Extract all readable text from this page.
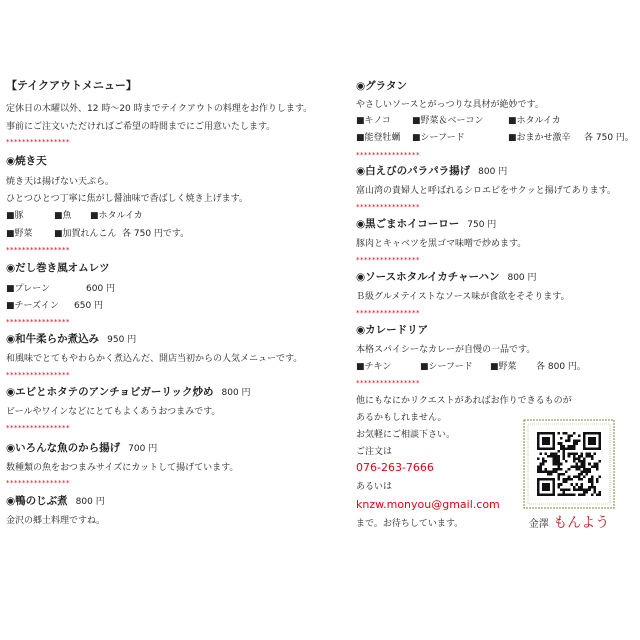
【テイクアウトメニュー】
定休日の木曜以外、12 時～20 時までテイクアウトの料理をお作りします。
事前にご注文いただければご希望の時間までにご用意いたします。
****************
◉焼き天
焼き天は揚げない天ぷら。
ひとつひとつ丁寧に焦がし醤油味で香ばしく焼き上げます。
■豚	■魚 ■ホタルイカ
■野菜 ■加賀れんこん 各 750 円です。
****************
◉だし巻き風オムレツ
■プレーン	600 円
■チーズイン 650 円
****************
◉和牛柔らか煮込み 950 円
和風味でとてもやわらかく煮込んだ、開店当初からの人気メニューです。
****************
◉エビとホタテのアンチョビガーリック炒め 800 円
ビールやワインなどにとてもよくあうおつまみです。
****************
◉いろんな魚のから揚げ 700 円
数種類の魚をおつまみサイズにカットして揚げています。
****************
◉鴨のじぶ煮 800 円
金沢の郷土料理ですね。
◉グラタン
やさしいソースとがっつりな具材が絶妙です。
■キノコ ■野菜＆ベーコン	■ホタルイカ
■能登牡蠣 ■シーフード	■おまかせ激辛 各 750 円。
****************
◉白えびのパラパラ揚げ 800 円
富山湾の貴婦人と呼ばれるシロエビをサクッと揚げてあります。
****************
◉黒ごまホイコーロー 750 円
豚肉とキャベツを黒ゴマ味噌で炒めます。
****************
◉ソースホタルイカチャーハン 800 円
Ｂ級グルメテイストなソース味が食欲をそそります。
****************
◉カレードリア
本格スパイシーなカレーが自慢の一品です。
■チキン	■シーフード ■野菜 各 800 円。
****************
他にもなにかリクエストがあればお作りできるものが
あるかもしれません。
お気軽にご相談下さい。
ご注文は
076-263-7666
あるいは
knzw.monyou@gmail.com
まで。お待ちしています。	金澤 もんよう
